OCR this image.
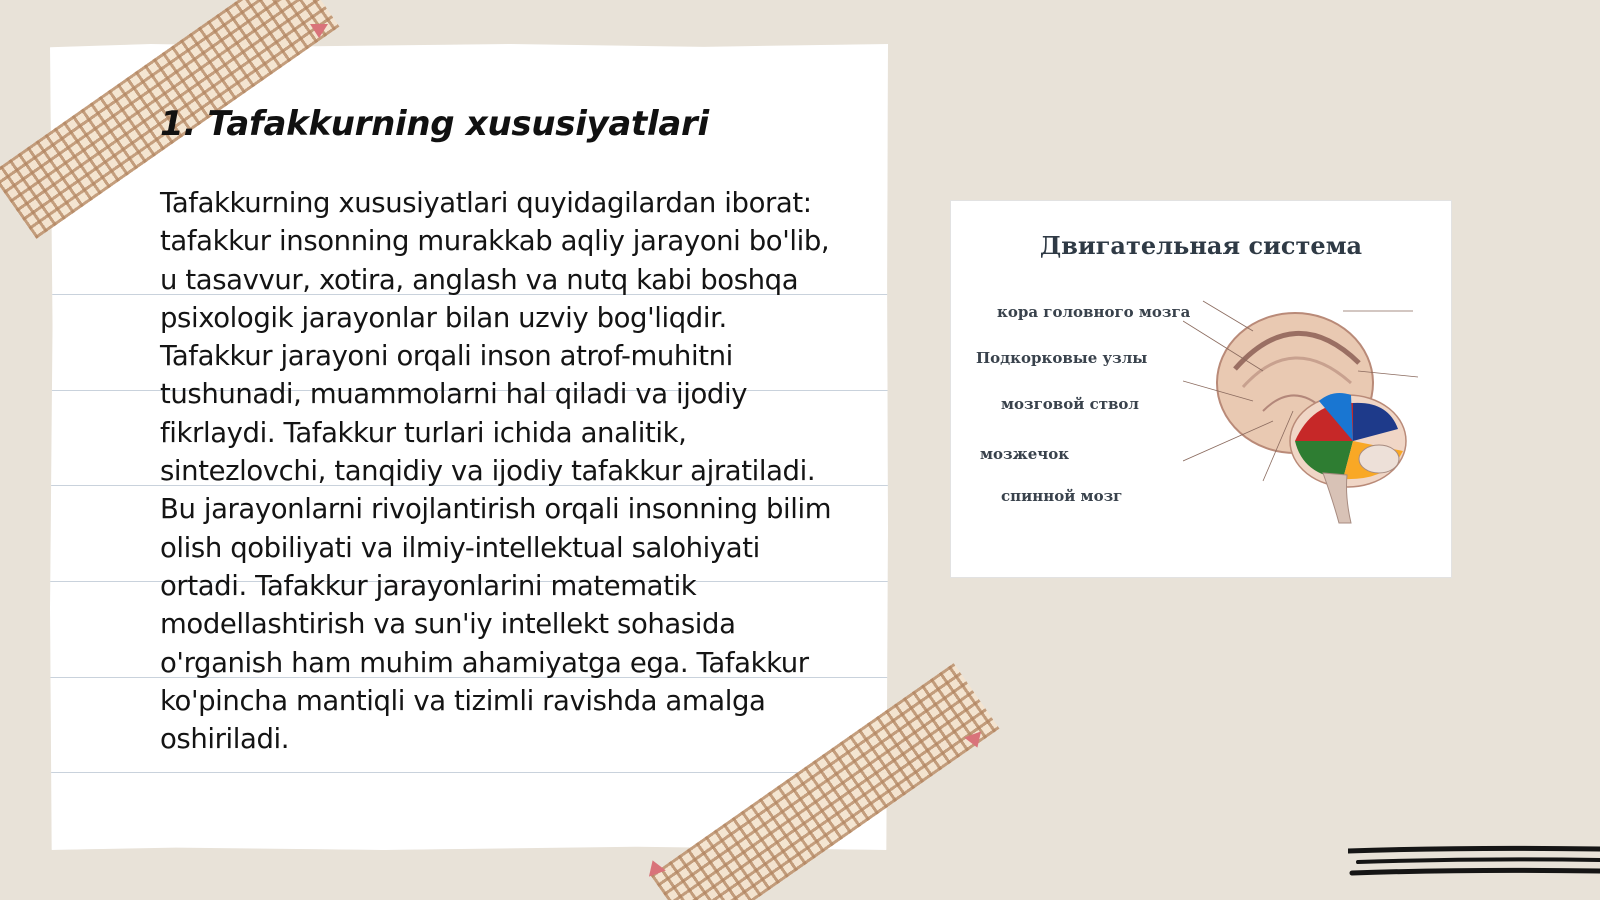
1. Tafakkurning xususiyatlari

Tafakkurning xususiyatlari quyidagilardan iborat: tafakkur insonning murakkab aqliy jarayoni bo'lib, u tasavvur, xotira, anglash va nutq kabi boshqa psixologik jarayonlar bilan uzviy bog'liqdir. Tafakkur jarayoni orqali inson atrof-muhitni tushunadi, muammolarni hal qiladi va ijodiy fikrlaydi. Tafakkur turlari ichida analitik, sintezlovchi, tanqidiy va ijodiy tafakkur ajratiladi. Bu jarayonlarni rivojlantirish orqali insonning bilim olish qobiliyati va ilmiy-intellektual salohiyati ortadi. Tafakkur jarayonlarini matematik modellashtirish va sun'iy intellekt sohasida o'rganish ham muhim ahamiyatga ega. Tafakkur ko'pincha mantiqli va tizimli ravishda amalga oshiriladi.

Двигательная система
кора головного мозга
Подкорковые узлы
мозговой ствол
мозжечок
спинной мозг
